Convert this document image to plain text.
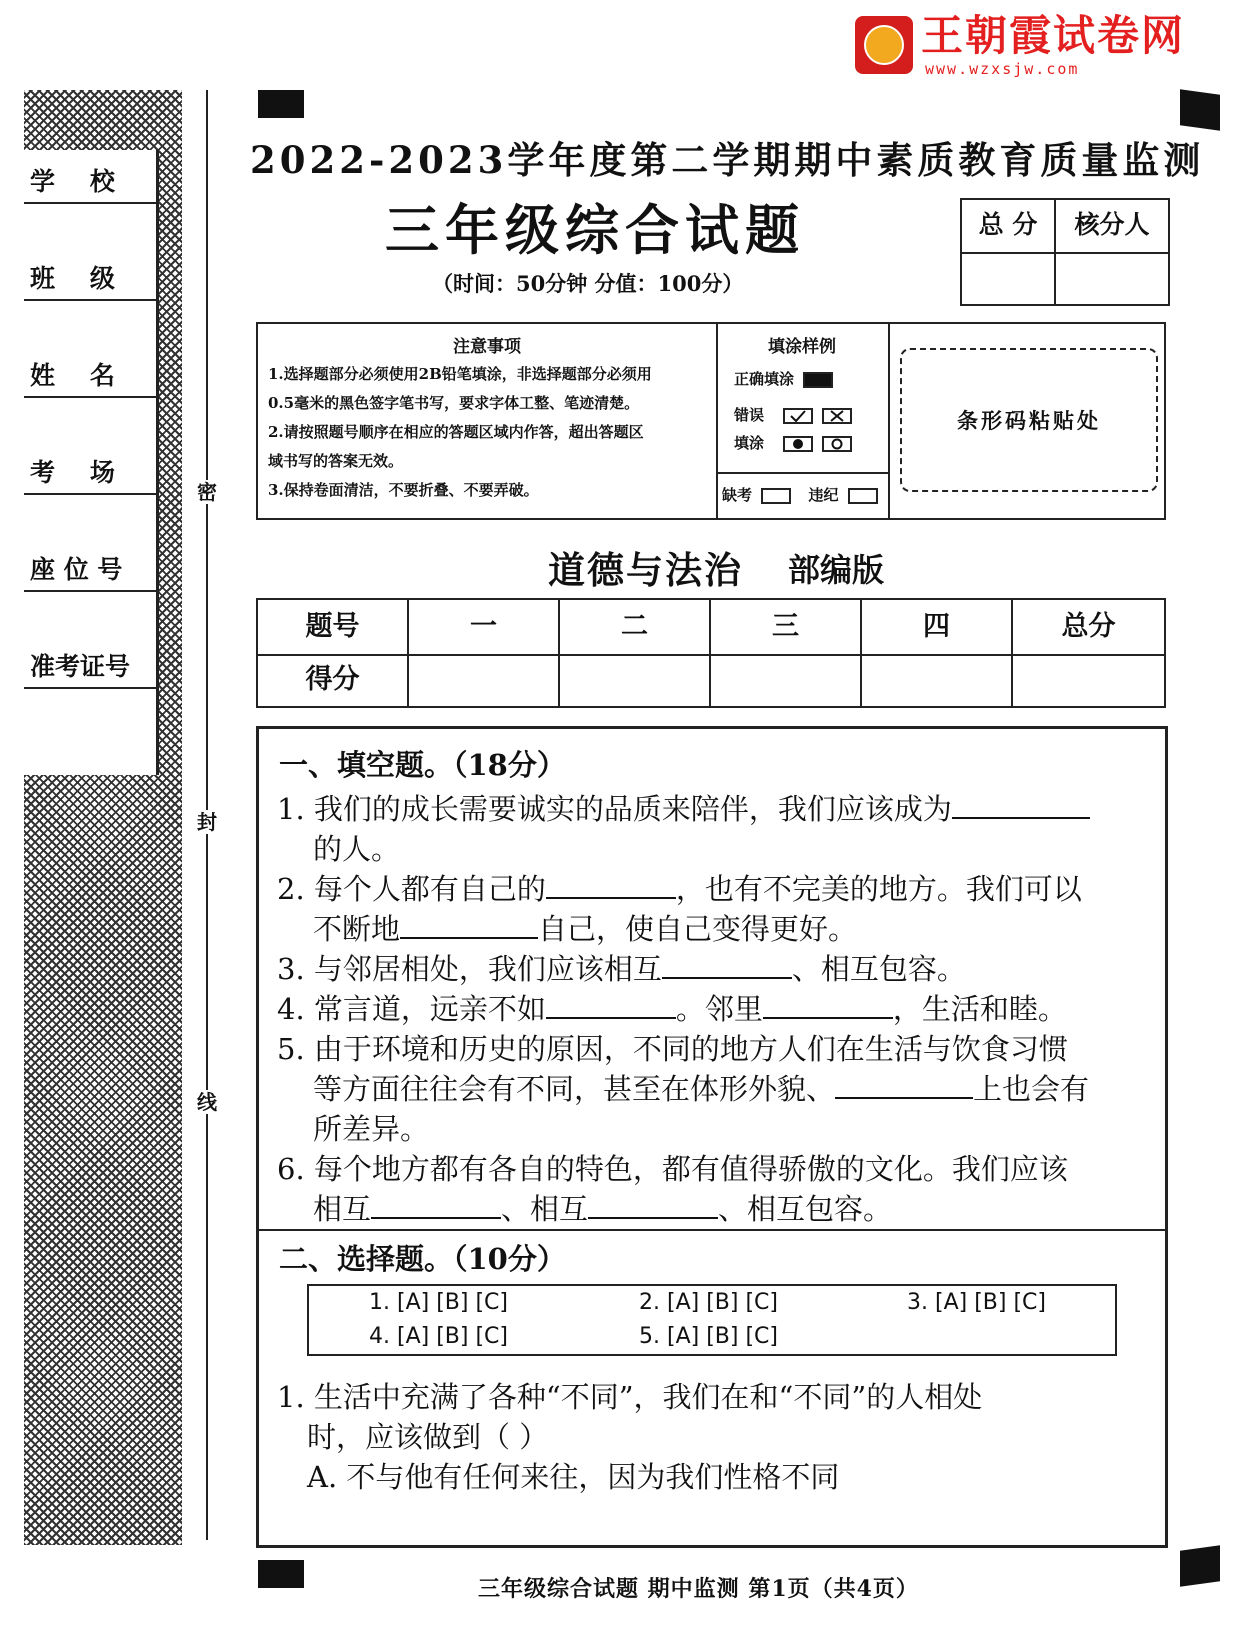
王朝霞试卷网
www.wzxsjw.com
学    校
班    级
姓    名
考    场
座 位 号
准考证号
密
封
线
2022-2023学年度第二学期期中素质教育质量监测
三年级综合试题
（时间：50分钟 分值：100分）
总 分	核分人
注意事项
1.选择题部分必须使用2B铅笔填涂，非选择题部分必须用
0.5毫米的黑色签字笔书写，要求字体工整、笔迹清楚。
2.请按照题号顺序在相应的答题区域内作答，超出答题区
域书写的答案无效。
3.保持卷面清洁，不要折叠、不要弄破。
填涂样例
正确填涂
错误

填涂

缺考	违纪
条形码粘贴处
道德与法治 部编版
题号	一	二	三	四	总分
得分
一、填空题。（18分）
1. 我们的成长需要诚实的品质来陪伴，我们应该成为
的人。
2. 每个人都有自己的	，也有不完美的地方。我们可以
不断地	自己，使自己变得更好。
3. 与邻居相处，我们应该相互	、相互包容。
4. 常言道，远亲不如	。邻里	，生活和睦。
5. 由于环境和历史的原因，不同的地方人们在生活与饮食习惯
等方面往往会有不同，甚至在体形外貌、	上也会有
所差异。
6. 每个地方都有各自的特色，都有值得骄傲的文化。我们应该
相互	、相互	、相互包容。
二、选择题。（10分）
1. [A] [B] [C]	2. [A] [B] [C]	3. [A] [B] [C]
4. [A] [B] [C]	5. [A] [B] [C]
1. 生活中充满了各种“不同”，我们在和“不同”的人相处
时，应该做到（ ）
A. 不与他有任何来往，因为我们性格不同
三年级综合试题 期中监测 第1页（共4页）
